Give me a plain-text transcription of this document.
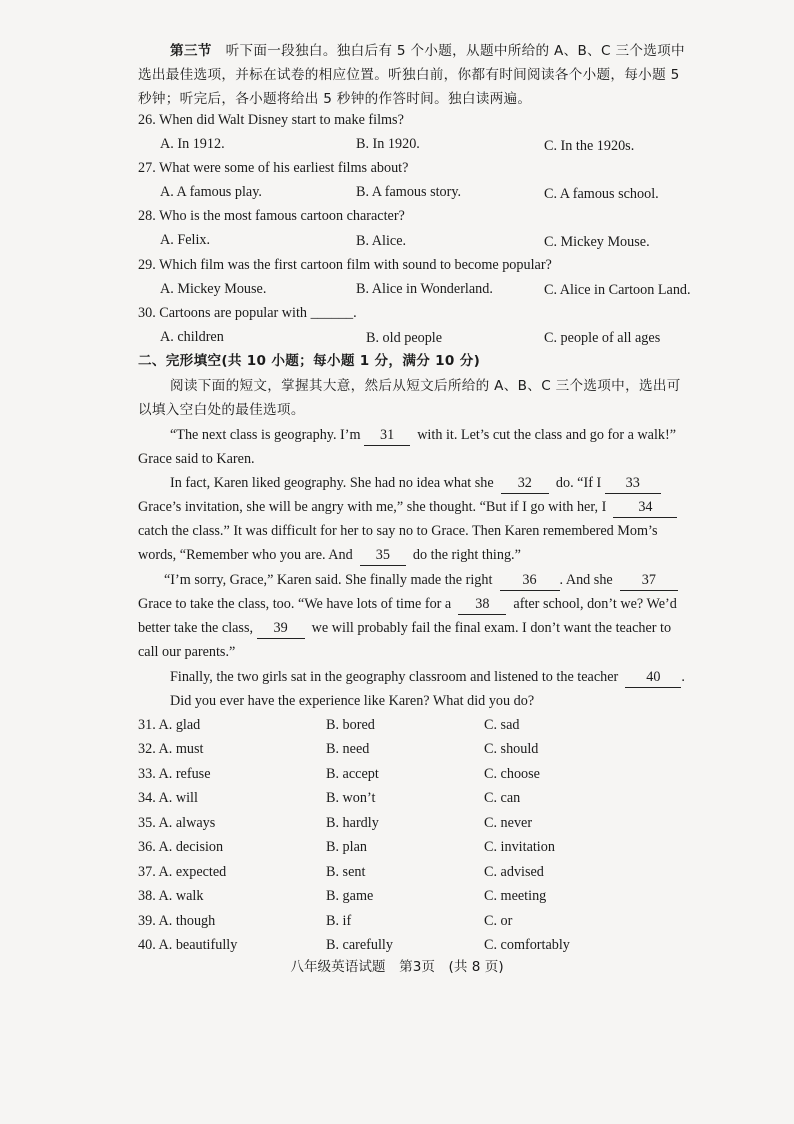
第三节 听下面一段独白。独白后有 5 个小题，从题中所给的 A、B、C 三个选项中
选出最佳选项，并标在试卷的相应位置。听独白前，你都有时间阅读各个小题，每小题 5
秒钟；听完后，各小题将给出 5 秒钟的作答时间。独白读两遍。
26. When did Walt Disney start to make films?
A. In 1912.	B. In 1920.	C. In the 1920s.
27. What were some of his earliest films about?
A. A famous play.	B. A famous story.	C. A famous school.
28. Who is the most famous cartoon character?
A. Felix.	B. Alice.	C. Mickey Mouse.
29. Which film was the first cartoon film with sound to become popular?
A. Mickey Mouse.	B. Alice in Wonderland.	C. Alice in Cartoon Land.
30. Cartoons are popular with ______.
A. children	B. old people	C. people of all ages
二、完形填空(共 10 小题；每小题 1 分，满分 10 分)
阅读下面的短文，掌握其大意，然后从短文后所给的 A、B、C 三个选项中，选出可
以填入空白处的最佳选项。
“The next class is geography. I’m 31 with it. Let’s cut the class and go for a walk!”
Grace said to Karen.
In fact, Karen liked geography. She had no idea what she 32 do. “If I 33
Grace’s invitation, she will be angry with me,” she thought. “But if I go with her, I 34
catch the class.” It was difficult for her to say no to Grace. Then Karen remembered Mom’s
words, “Remember who you are. And 35 do the right thing.”
“I’m sorry, Grace,” Karen said. She finally made the right 36 . And she 37
Grace to take the class, too. “We have lots of time for a 38 after school, don’t we? We’d
better take the class, 39 we will probably fail the final exam. I don’t want the teacher to
call our parents.”
Finally, the two girls sat in the geography classroom and listened to the teacher 40 .
Did you ever have the experience like Karen? What did you do?
31. A. glad	B. bored	C. sad
32. A. must	B. need	C. should
33. A. refuse	B. accept	C. choose
34. A. will	B. won’t	C. can
35. A. always	B. hardly	C. never
36. A. decision	B. plan	C. invitation
37. A. expected	B. sent	C. advised
38. A. walk	B. game	C. meeting
39. A. though	B. if	C. or
40. A. beautifully	B. carefully	C. comfortably
八年级英语试题　第3页　(共 8 页)
